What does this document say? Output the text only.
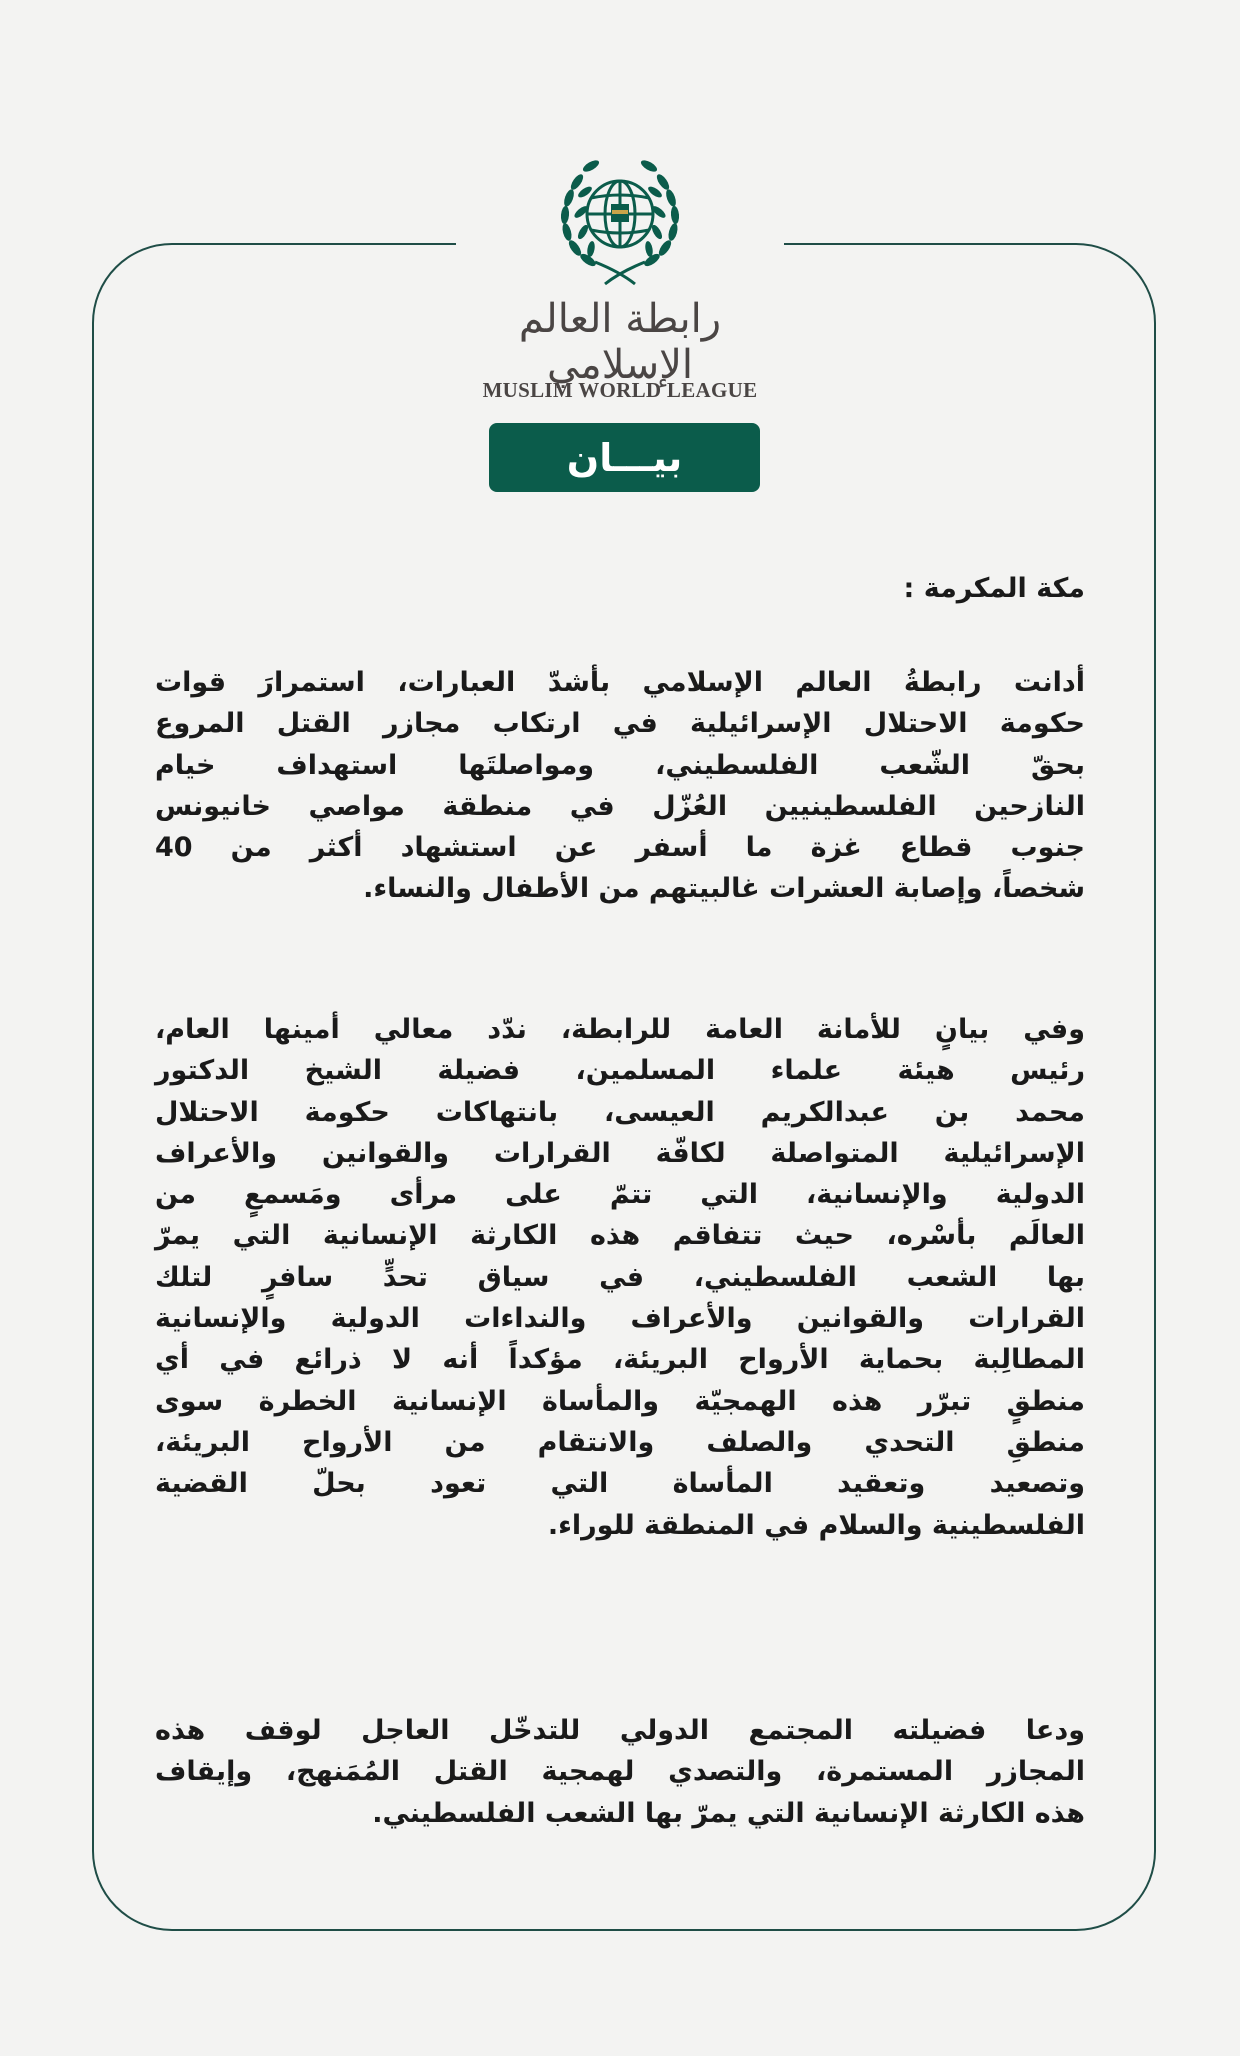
رابطة العالم الإسلامي
MUSLIM WORLD LEAGUE
بيـــان
مكة المكرمة :
أدانت رابطةُ العالم الإسلامي بأشدّ العبارات، استمرارَ قوات
حكومة الاحتلال الإسرائيلية في ارتكاب مجازر القتل المروع
بحقّ الشّعب الفلسطيني، ومواصلتَها استهداف خيام
النازحين الفلسطينيين العُزّل في منطقة مواصي خانيونس
جنوب قطاع غزة ما أسفر عن استشهاد أكثر من 40
شخصاً، وإصابة العشرات غالبيتهم من الأطفال والنساء.
وفي بيانٍ للأمانة العامة للرابطة، ندّد معالي أمينها العام،
رئيس هيئة علماء المسلمين، فضيلة الشيخ الدكتور
محمد بن عبدالكريم العيسى، بانتهاكات حكومة الاحتلال
الإسرائيلية المتواصلة لكافّة القرارات والقوانين والأعراف
الدولية والإنسانية، التي تتمّ على مرأى ومَسمعٍ من
العالَم بأسْره، حيث تتفاقم هذه الكارثة الإنسانية التي يمرّ
بها الشعب الفلسطيني، في سياق تحدٍّ سافرٍ لتلك
القرارات والقوانين والأعراف والنداءات الدولية والإنسانية
المطالِبة بحماية الأرواح البريئة، مؤكداً أنه لا ذرائع في أي
منطقٍ تبرّر هذه الهمجيّة والمأساة الإنسانية الخطرة سوى
منطقِ التحدي والصلف والانتقام من الأرواح البريئة،
وتصعيد وتعقيد المأساة التي تعود بحلّ القضية
الفلسطينية والسلام في المنطقة للوراء.
ودعا فضيلته المجتمع الدولي للتدخّل العاجل لوقف هذه
المجازر المستمرة، والتصدي لهمجية القتل المُمَنهج، وإيقاف
هذه الكارثة الإنسانية التي يمرّ بها الشعب الفلسطيني.
